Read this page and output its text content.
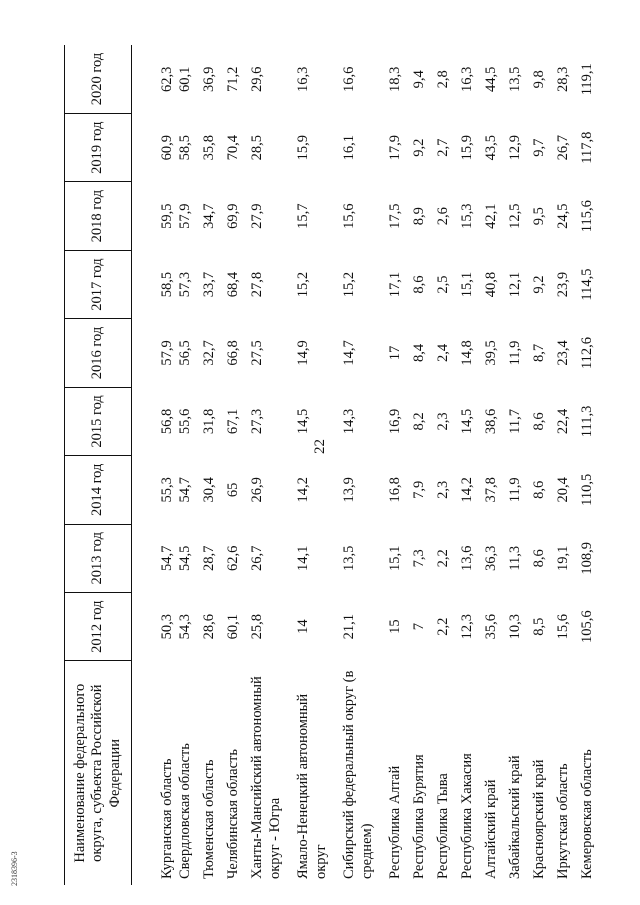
22
2318396-3
Наименование федерального округа, субъекта Российской Федерации	2012 год	2013 год	2014 год	2015 год	2016 год	2017 год	2018 год	2019 год	2020 год
Курганская область	50,3	54,7	55,3	56,8	57,9	58,5	59,5	60,9	62,3
Свердловская область	54,3	54,5	54,7	55,6	56,5	57,3	57,9	58,5	60,1
Тюменская область	28,6	28,7	30,4	31,8	32,7	33,7	34,7	35,8	36,9
Челябинская область	60,1	62,6	65	67,1	66,8	68,4	69,9	70,4	71,2
Ханты-Мансийский автономный округ - Югра	25,8	26,7	26,9	27,3	27,5	27,8	27,9	28,5	29,6
Ямало-Ненецкий автономный округ	14	14,1	14,2	14,5	14,9	15,2	15,7	15,9	16,3
Сибирский федеральный округ (в среднем)	21,1	13,5	13,9	14,3	14,7	15,2	15,6	16,1	16,6
Республика Алтай	15	15,1	16,8	16,9	17	17,1	17,5	17,9	18,3
Республика Бурятия	7	7,3	7,9	8,2	8,4	8,6	8,9	9,2	9,4
Республика Тыва	2,2	2,2	2,3	2,3	2,4	2,5	2,6	2,7	2,8
Республика Хакасия	12,3	13,6	14,2	14,5	14,8	15,1	15,3	15,9	16,3
Алтайский край	35,6	36,3	37,8	38,6	39,5	40,8	42,1	43,5	44,5
Забайкальский край	10,3	11,3	11,9	11,7	11,9	12,1	12,5	12,9	13,5
Красноярский край	8,5	8,6	8,6	8,6	8,7	9,2	9,5	9,7	9,8
Иркутская область	15,6	19,1	20,4	22,4	23,4	23,9	24,5	26,7	28,3
Кемеровская область	105,6	108,9	110,5	111,3	112,6	114,5	115,6	117,8	119,1
